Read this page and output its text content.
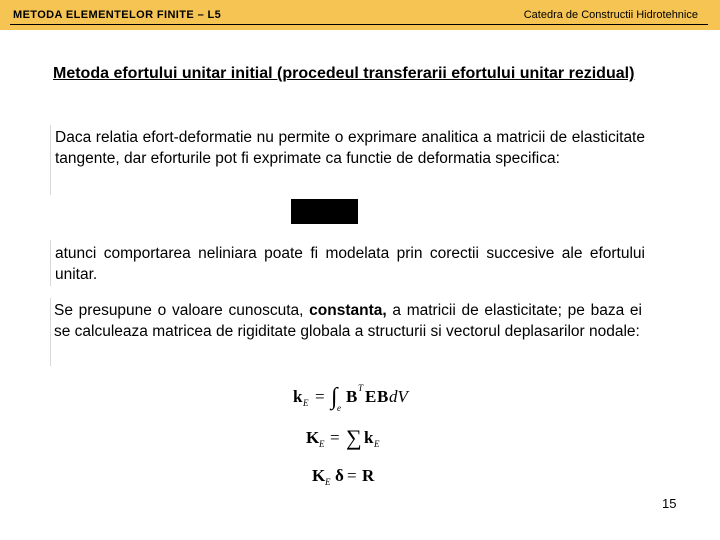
METODA ELEMENTELOR FINITE – L5	Catedra de Constructii Hidrotehnice
Metoda efortului unitar initial (procedeul transferarii efortului unitar rezidual)
Daca relatia efort-deformatie nu permite o exprimare analitica a matricii de elasticitate tangente, dar eforturile pot fi exprimate ca functie de deformatia specifica:
atunci comportarea neliniara poate fi modelata prin corectii succesive ale efortului unitar.
Se presupune o valoare cunoscuta, constanta, a matricii de elasticitate; pe baza ei se calculeaza matricea de rigiditate globala a structurii si vectorul deplasarilor nodale:
k E = ∫ e
B T E B dV
K E = ∑ k E
K E δ = R
15
